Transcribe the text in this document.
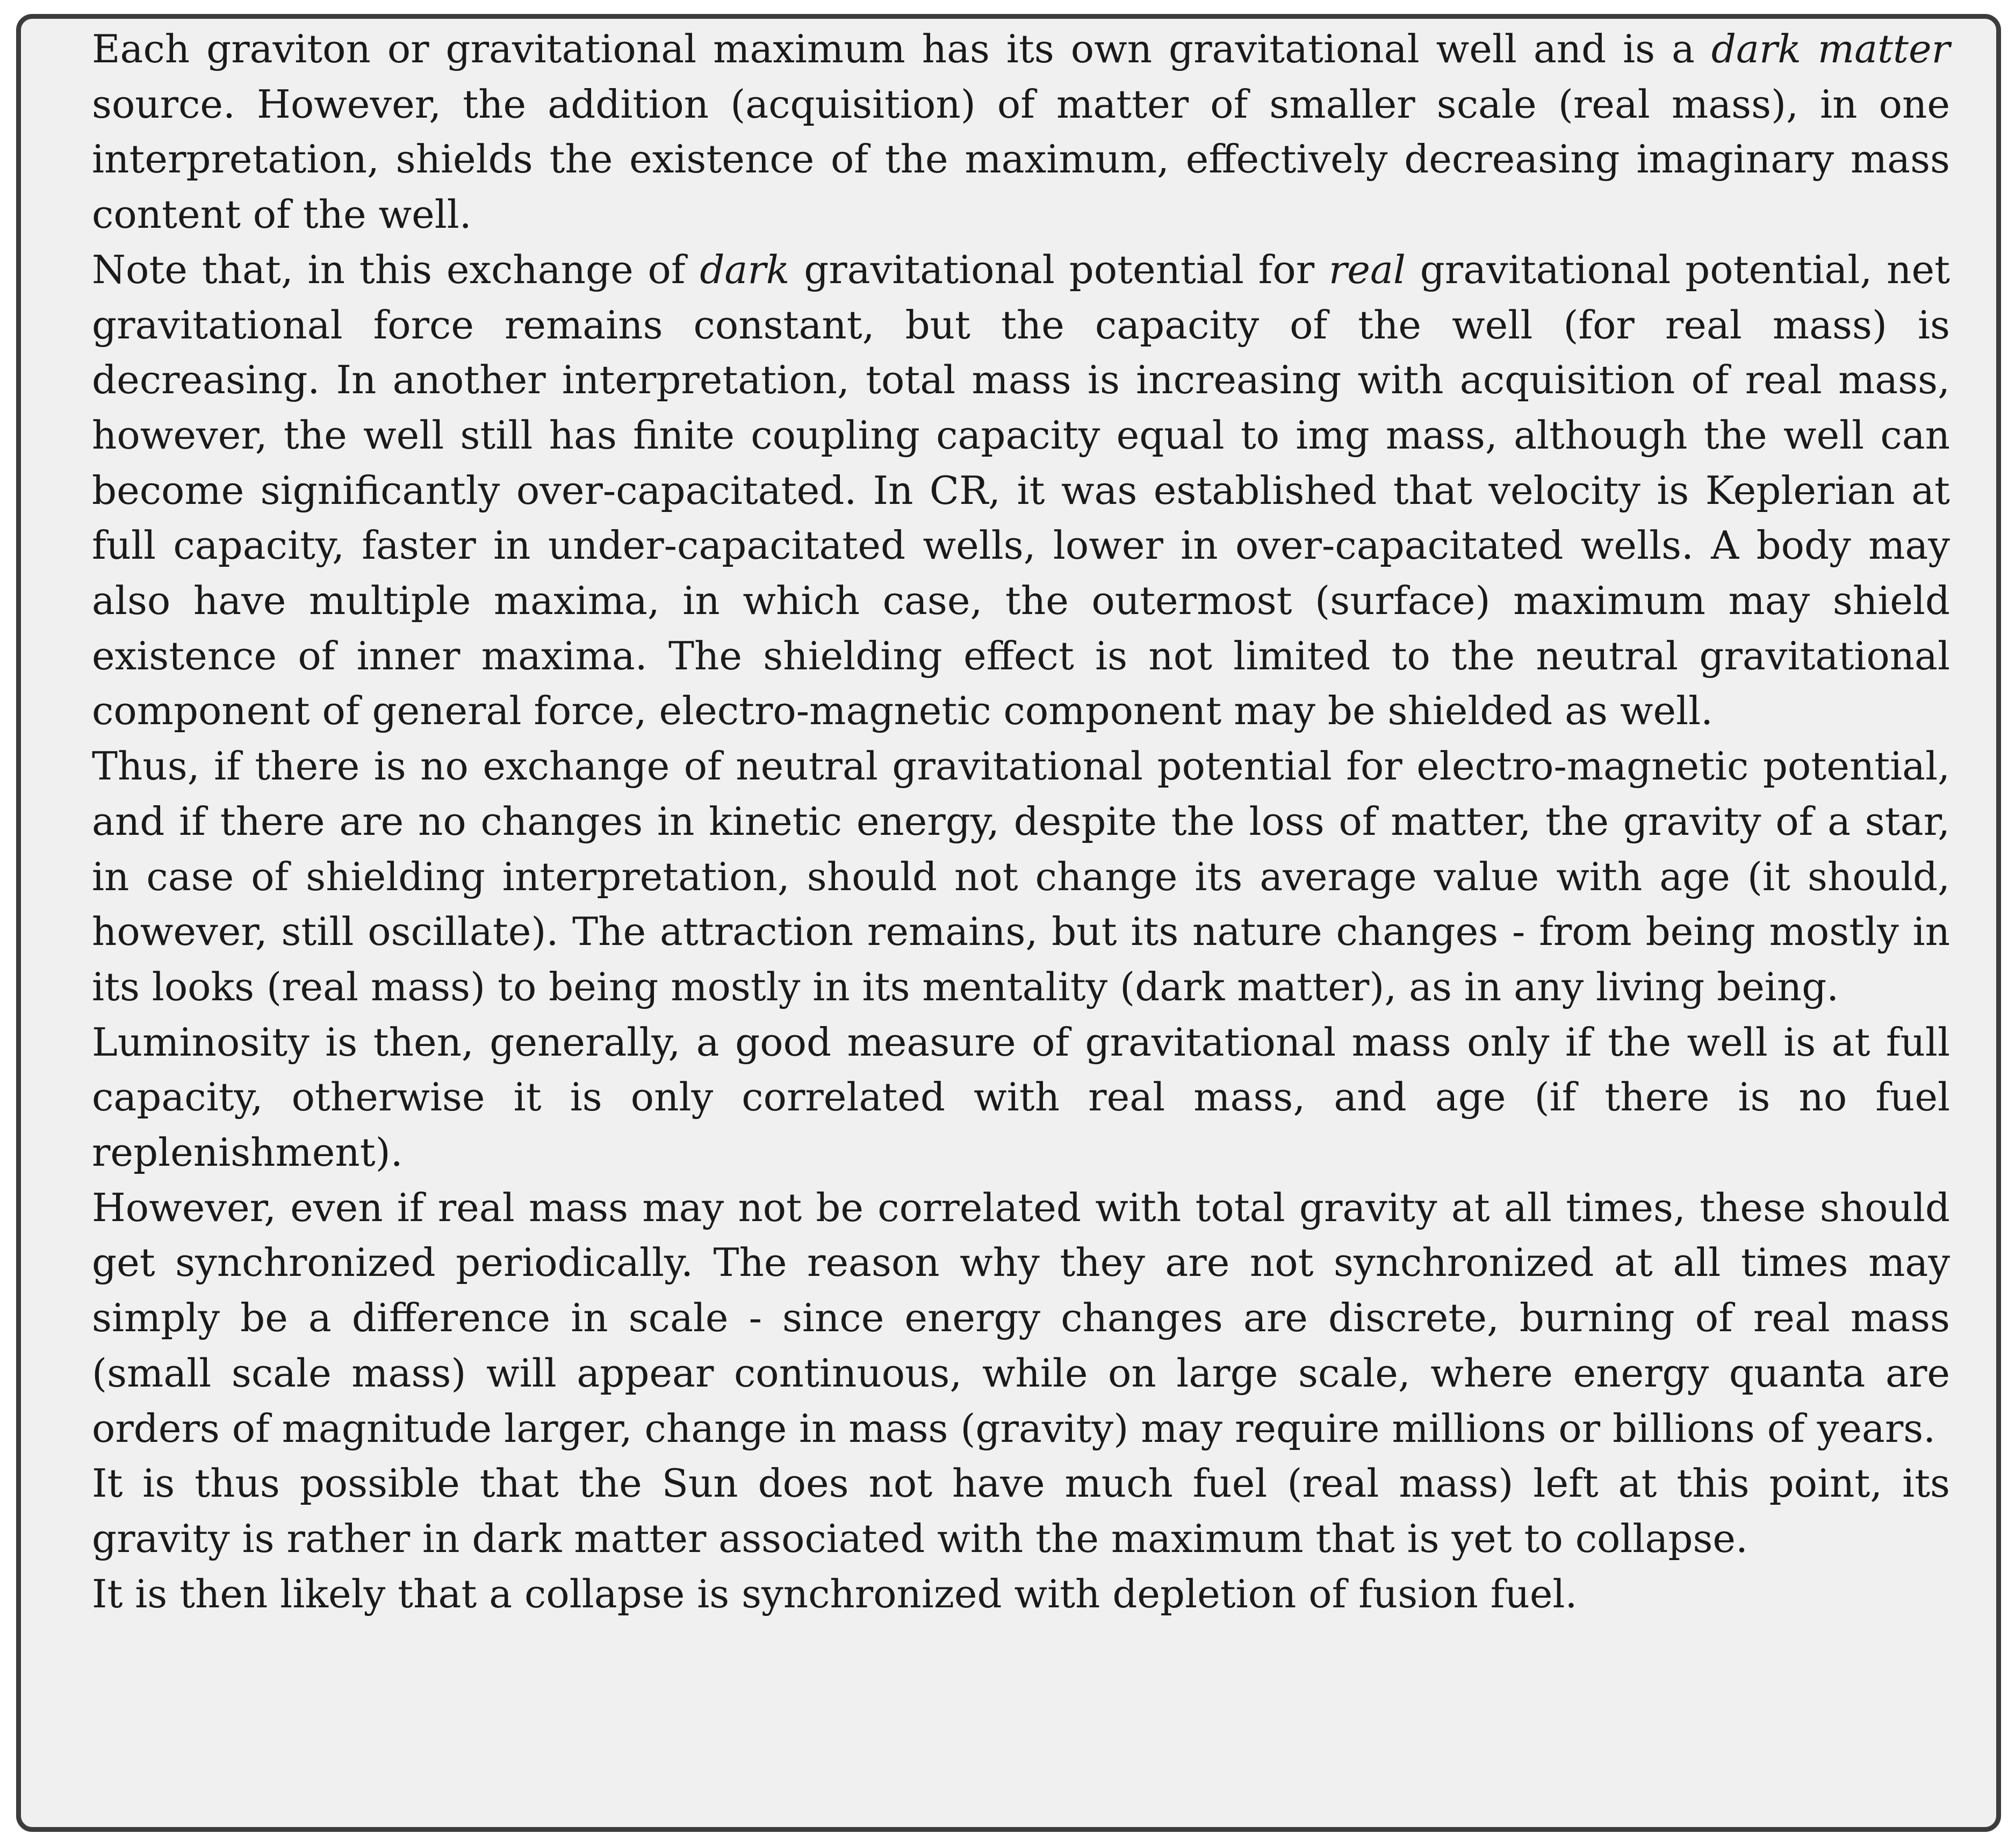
Each graviton or gravitational maximum has its own gravitational well and is a dark matter source. However, the addition (acquisition) of matter of smaller scale (real mass), in one interpretation, shields the existence of the maximum, effectively decreasing imaginary mass content of the well.

Note that, in this exchange of dark gravitational potential for real gravitational potential, net gravitational force remains constant, but the capacity of the well (for real mass) is decreasing. In another interpretation, total mass is increasing with acquisition of real mass, however, the well still has finite coupling capacity equal to img mass, although the well can become significantly over-capacitated. In CR, it was established that velocity is Keplerian at full capacity, faster in under-capacitated wells, lower in over-capacitated wells. A body may also have multiple maxima, in which case, the outermost (surface) maximum may shield existence of inner maxima. The shielding effect is not limited to the neutral gravitational component of general force, electro-magnetic component may be shielded as well.

Thus, if there is no exchange of neutral gravitational potential for electro-magnetic potential, and if there are no changes in kinetic energy, despite the loss of matter, the gravity of a star, in case of shielding interpretation, should not change its average value with age (it should, however, still oscillate). The attraction remains, but its nature changes - from being mostly in its looks (real mass) to being mostly in its mentality (dark matter), as in any living being.

Luminosity is then, generally, a good measure of gravitational mass only if the well is at full capacity, otherwise it is only correlated with real mass, and age (if there is no fuel replenishment).

However, even if real mass may not be correlated with total gravity at all times, these should get synchronized periodically. The reason why they are not synchronized at all times may simply be a difference in scale - since energy changes are discrete, burning of real mass (small scale mass) will appear continuous, while on large scale, where energy quanta are orders of magnitude larger, change in mass (gravity) may require millions or billions of years.

It is thus possible that the Sun does not have much fuel (real mass) left at this point, its gravity is rather in dark matter associated with the maximum that is yet to collapse.

It is then likely that a collapse is synchronized with depletion of fusion fuel.
